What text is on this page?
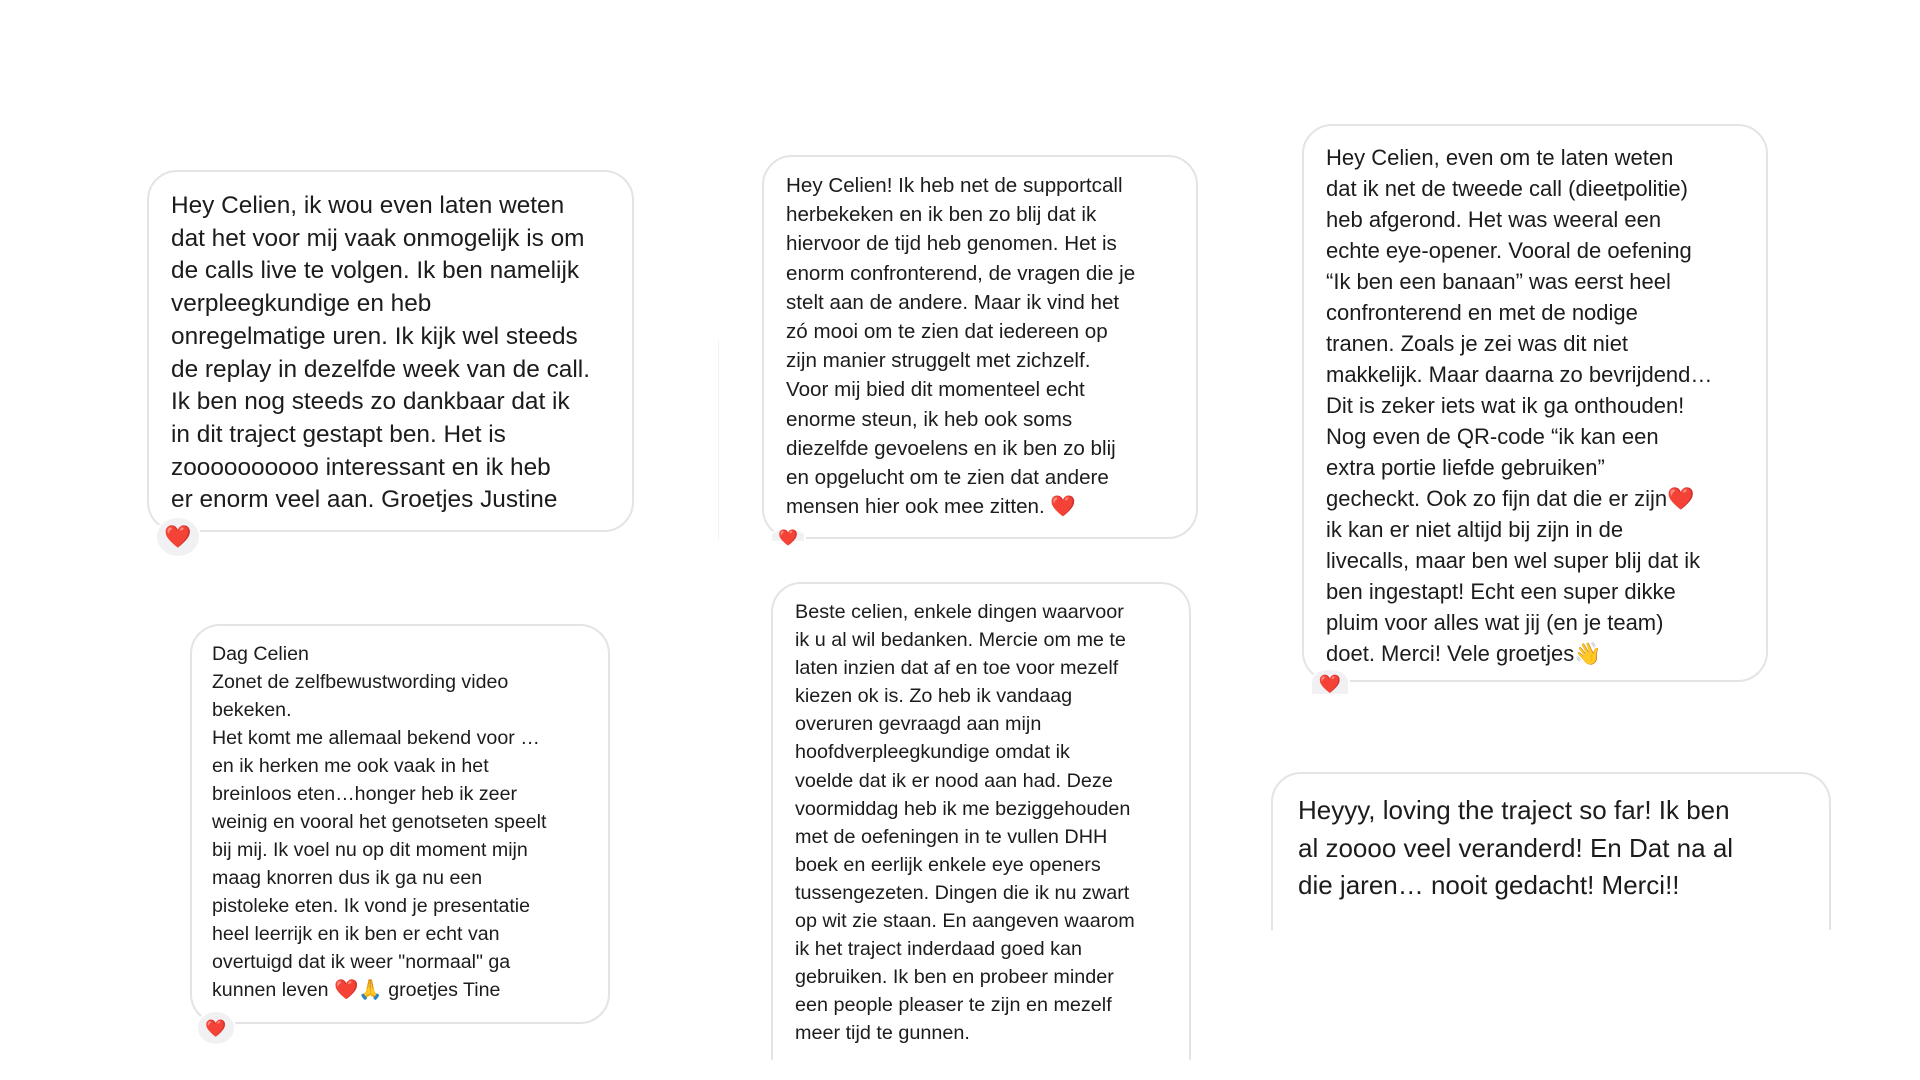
Hey Celien, ik wou even laten weten
dat het voor mij vaak onmogelijk is om
de calls live te volgen. Ik ben namelijk
verpleegkundige en heb
onregelmatige uren. Ik kijk wel steeds
de replay in dezelfde week van de call.
Ik ben nog steeds zo dankbaar dat ik
in dit traject gestapt ben. Het is
zoooooooooo interessant en ik heb
er enorm veel aan. Groetjes Justine

❤️

Hey Celien! Ik heb net de supportcall
herbekeken en ik ben zo blij dat ik
hiervoor de tijd heb genomen. Het is
enorm confronterend, de vragen die je
stelt aan de andere. Maar ik vind het
zó mooi om te zien dat iedereen op
zijn manier struggelt met zichzelf.
Voor mij bied dit momenteel echt
enorme steun, ik heb ook soms
diezelfde gevoelens en ik ben zo blij
en opgelucht om te zien dat andere
mensen hier ook mee zitten. ❤️

❤️

Hey Celien, even om te laten weten
dat ik net de tweede call (dieetpolitie)
heb afgerond. Het was weeral een
echte eye-opener. Vooral de oefening
“Ik ben een banaan” was eerst heel
confronterend en met de nodige
tranen. Zoals je zei was dit niet
makkelijk. Maar daarna zo bevrijdend…
Dit is zeker iets wat ik ga onthouden!
Nog even de QR-code “ik kan een
extra portie liefde gebruiken”
gecheckt. Ook zo fijn dat die er zijn❤️
ik kan er niet altijd bij zijn in de
livecalls, maar ben wel super blij dat ik
ben ingestapt! Echt een super dikke
pluim voor alles wat jij (en je team)
doet. Merci! Vele groetjes👋

❤️

Dag Celien
Zonet de zelfbewustwording video
bekeken.
Het komt me allemaal bekend voor …
en ik herken me ook vaak in het
breinloos eten…honger heb ik zeer
weinig en vooral het genotseten speelt
bij mij. Ik voel nu op dit moment mijn
maag knorren dus ik ga nu een
pistoleke eten. Ik vond je presentatie
heel leerrijk en ik ben er echt van
overtuigd dat ik weer "normaal" ga
kunnen leven ❤️🙏 groetjes Tine

❤️

Beste celien, enkele dingen waarvoor
ik u al wil bedanken. Mercie om me te
laten inzien dat af en toe voor mezelf
kiezen ok is. Zo heb ik vandaag
overuren gevraagd aan mijn
hoofdverpleegkundige omdat ik
voelde dat ik er nood aan had. Deze
voormiddag heb ik me beziggehouden
met de oefeningen in te vullen DHH
boek en eerlijk enkele eye openers
tussengezeten. Dingen die ik nu zwart
op wit zie staan. En aangeven waarom
ik het traject inderdaad goed kan
gebruiken. Ik ben en probeer minder
een people pleaser te zijn en mezelf
meer tijd te gunnen.

Heyyy, loving the traject so far! Ik ben
al zoooo veel veranderd! En Dat na al
die jaren… nooit gedacht! Merci!!
